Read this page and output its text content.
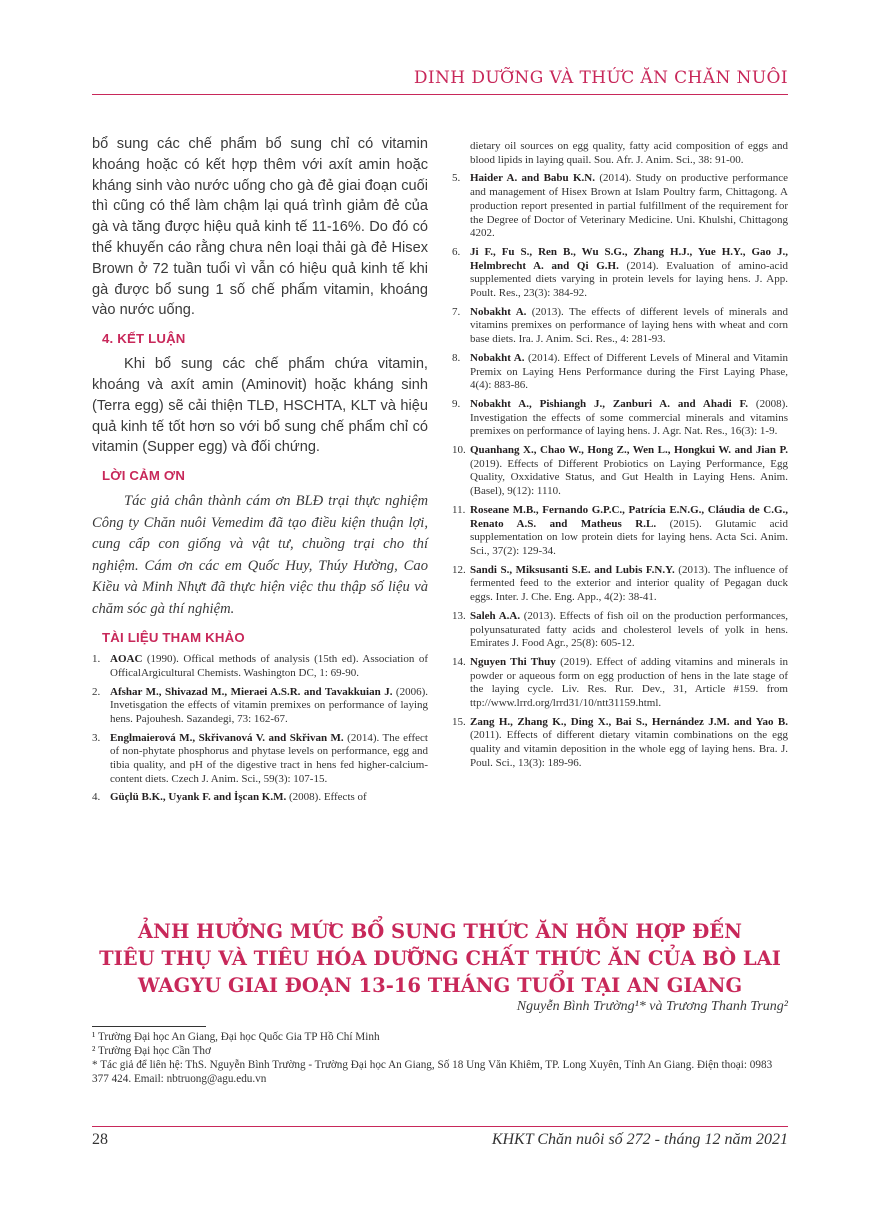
DINH DƯỠNG VÀ THỨC ĂN CHĂN NUÔI

bổ sung các chế phẩm bổ sung chỉ có vitamin khoáng hoặc có kết hợp thêm với axít amin hoặc kháng sinh vào nước uống cho gà đẻ giai đoạn cuối thì cũng có thể làm chậm lại quá trình giảm đẻ của gà và tăng được hiệu quả kinh tế 11-16%. Do đó có thể khuyến cáo rằng chưa nên loại thải gà đẻ Hisex Brown ở 72 tuần tuổi vì vẫn có hiệu quả kinh tế khi gà được bổ sung 1 số chế phẩm vitamin, khoáng vào nước uống.

4. KẾT LUẬN

Khi bổ sung các chế phẩm chứa vitamin, khoáng và axít amin (Aminovit) hoặc kháng sinh (Terra egg) sẽ cải thiện TLĐ, HSCHTA, KLT và hiệu quả kinh tế tốt hơn so với bổ sung chế phẩm chỉ có vitamin (Supper egg) và đối chứng.

LỜI CẢM ƠN

Tác giả chân thành cám ơn BLĐ trại thực nghiệm Công ty Chăn nuôi Vemedim đã tạo điều kiện thuận lợi, cung cấp con giống và vật tư, chuồng trại cho thí nghiệm. Cám ơn các em Quốc Huy, Thúy Hường, Cao Kiều và Minh Nhựt đã thực hiện việc thu thập số liệu và chăm sóc gà thí nghiệm.

TÀI LIỆU THAM KHẢO
1. AOAC (1990). Offical methods of analysis (15th ed). Association of OfficalArgicultural Chemists. Washington DC, 1: 69-90.
2. Afshar M., Shivazad M., Mieraei A.S.R. and Tavakkuian J. (2006). Invetisgation the effects of vitamin premixes on performance of laying hens. Pajouhesh. Sazandegi, 73: 162-67.
3. Englmaierová M., Skřivanová V. and Skřivan M. (2014). The effect of non-phytate phosphorus and phytase levels on performance, egg and tibia quality, and pH of the digestive tract in hens fed higher-calcium-content diets. Czech J. Anim. Sci., 59(3): 107-15.
4. Güçlü B.K., Uyank F. and İşcan K.M. (2008). Effects of
dietary oil sources on egg quality, fatty acid composition of eggs and blood lipids in laying quail. Sou. Afr. J. Anim. Sci., 38: 91-00.
5. Haider A. and Babu K.N. (2014). Study on productive performance and management of Hisex Brown at Islam Poultry farm, Chittagong. A production report presented in partial fulfillment of the requirement for the Degree of Doctor of Veterinary Medicine. Uni. Khulshi, Chittagong 4202.
6. Ji F., Fu S., Ren B., Wu S.G., Zhang H.J., Yue H.Y., Gao J., Helmbrecht A. and Qi G.H. (2014). Evaluation of amino-acid supplemented diets varying in protein levels for laying hens. J. App. Poult. Res., 23(3): 384-92.
7. Nobakht A. (2013). The effects of different levels of minerals and vitamins premixes on performance of laying hens with wheat and corn base diets. Ira. J. Anim. Sci. Res., 4: 281-93.
8. Nobakht A. (2014). Effect of Different Levels of Mineral and Vitamin Premix on Laying Hens Performance during the First Laying Phase, 4(4): 883-86.
9. Nobakht A., Pishiangh J., Zanburi A. and Ahadi F. (2008). Investigation the effects of some commercial minerals and vitamins premixes on performance of laying hens. J. Agr. Nat. Res., 16(3): 1-9.
10. Quanhang X., Chao W., Hong Z., Wen L., Hongkui W. and Jian P. (2019). Effects of Different Probiotics on Laying Performance, Egg Quality, Oxxidative Status, and Gut Health in Laying Hens. Anim. (Basel), 9(12): 1110.
11. Roseane M.B., Fernando G.P.C., Patrícia E.N.G., Cláudia de C.G., Renato A.S. and Matheus R.L. (2015). Glutamic acid supplementation on low protein diets for laying hens. Acta Sci. Anim. Sci., 37(2): 129-34.
12. Sandi S., Miksusanti S.E. and Lubis F.N.Y. (2013). The influence of fermented feed to the exterior and interior quality of Pegagan duck eggs. Inter. J. Che. Eng. App., 4(2): 38-41.
13. Saleh A.A. (2013). Effects of fish oil on the production performances, polyunsaturated fatty acids and cholesterol levels of yolk in hens. Emirates J. Food Agr., 25(8): 605-12.
14. Nguyen Thi Thuy (2019). Effect of adding vitamins and minerals in powder or aqueous form on egg production of hens in the late stage of the laying cycle. Liv. Res. Rur. Dev., 31, Article #159. from ttp://www.lrrd.org/lrrd31/10/ntt31159.html.
15. Zang H., Zhang K., Ding X., Bai S., Hernández J.M. and Yao B. (2011). Effects of different dietary vitamin combinations on the egg quality and vitamin deposition in the whole egg of laying hens. Bra. J. Poul. Sci., 13(3): 189-96.
ẢNH HƯỞNG MỨC BỔ SUNG THỨC ĂN HỖN HỢP ĐẾN
TIÊU THỤ VÀ TIÊU HÓA DƯỠNG CHẤT THỨC ĂN CỦA BÒ LAI
WAGYU GIAI ĐOẠN 13-16 THÁNG TUỔI TẠI AN GIANG
Nguyễn Bình Trường¹* và Trương Thanh Trung²

¹ Trường Đại học An Giang, Đại học Quốc Gia TP Hồ Chí Minh

² Trường Đại học Cần Thơ

* Tác giả để liên hệ: ThS. Nguyễn Bình Trường - Trường Đại học An Giang, Số 18 Ung Văn Khiêm, TP. Long Xuyên, Tỉnh An Giang. Điện thoại: 0983 377 424. Email: nbtruong@agu.edu.vn

28	KHKT Chăn nuôi số 272 - tháng 12 năm 2021
